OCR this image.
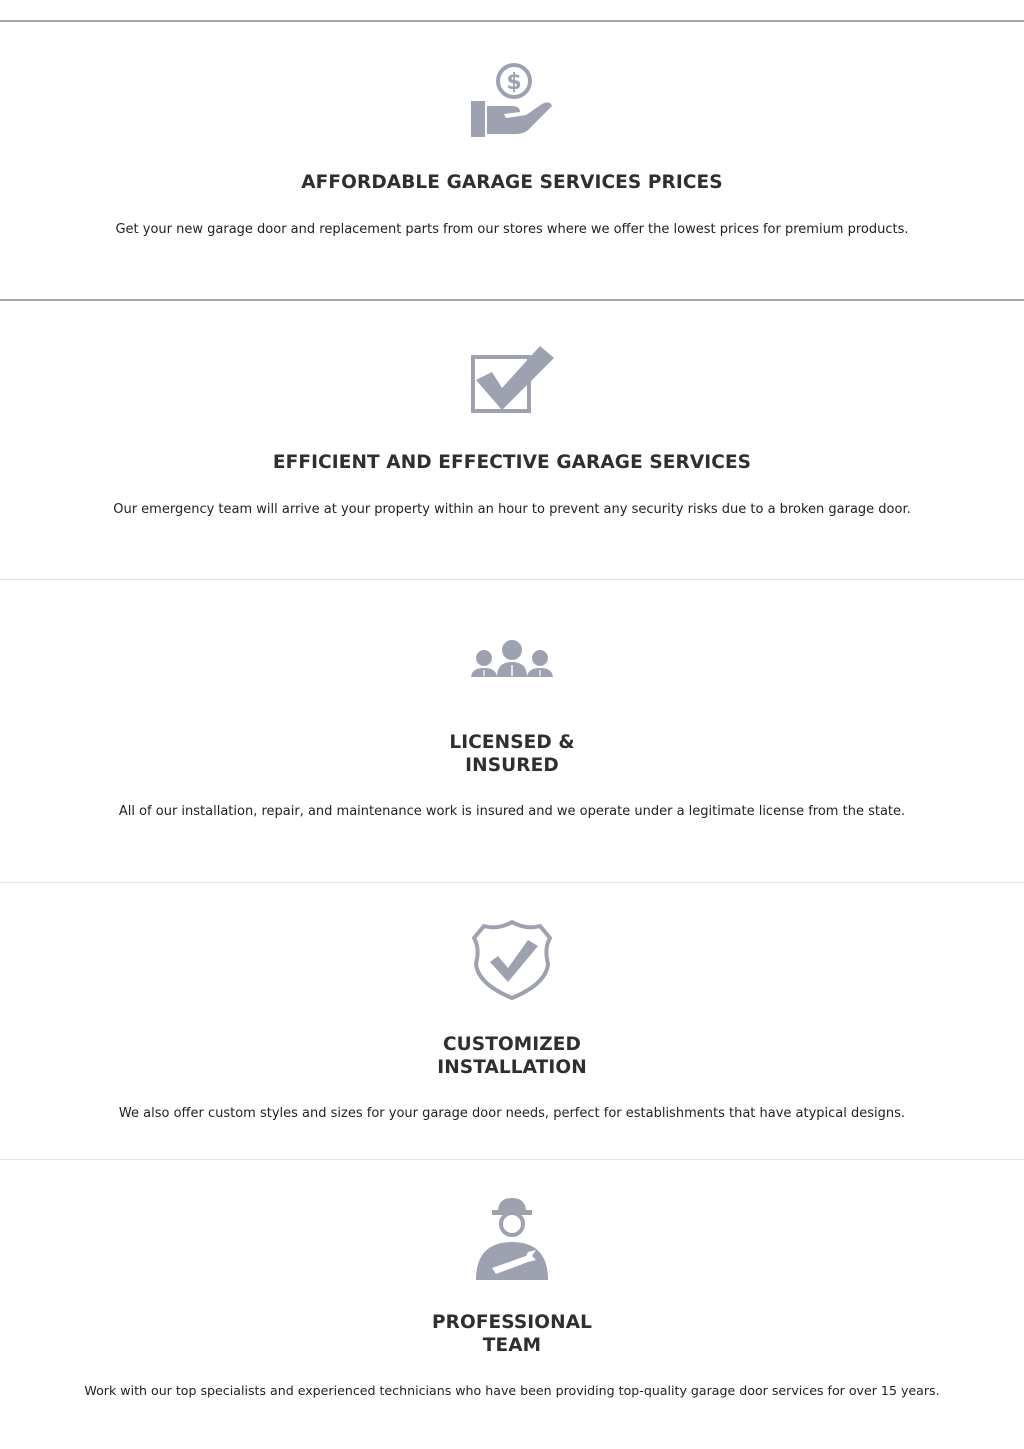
$
AFFORDABLE GARAGE SERVICES PRICES

Get your new garage door and replacement parts from our stores where we offer the lowest prices for premium products.

EFFICIENT AND EFFECTIVE GARAGE SERVICES

Our emergency team will arrive at your property within an hour to prevent any security risks due to a broken garage door.

LICENSED &
INSURED

All of our installation, repair, and maintenance work is insured and we operate under a legitimate license from the state.

CUSTOMIZED
INSTALLATION

We also offer custom styles and sizes for your garage door needs, perfect for establishments that have atypical designs.

PROFESSIONAL
TEAM

Work with our top specialists and experienced technicians who have been providing top-quality garage door services for over 15 years.
